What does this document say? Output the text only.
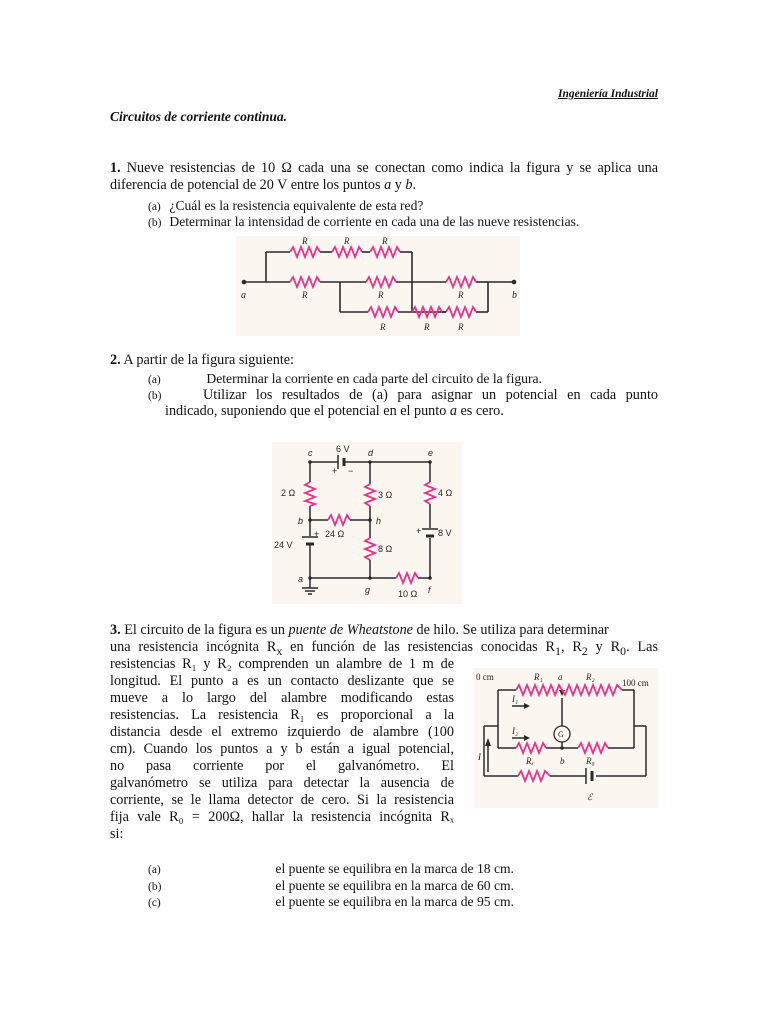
Ingeniería Industrial
Circuitos de corriente continua.
1. Nueve resistencias de 10 Ω cada una se conectan como indica la figura y se aplica una diferencia de potencial de 20 V entre los puntos a y b.
(a) ¿Cuál es la resistencia equivalente de esta red?
(b) Determinar la intensidad de corriente en cada una de las nueve resistencias.
R	R	R
R	R	R
R	R	R
a	b
2. A partir de la figura siguiente:
(a)	Determinar la corriente en cada parte del circuito de la figura.
(b)	Utilizar los resultados de (a) para asignar un potencial en cada punto
indicado, suponiendo que el potencial en el punto a es cero.
c	d	e
6 V
+ −
2 Ω	3 Ω	4 Ω
b	h
24 Ω
+	+ 8 V
24 V	8 Ω
a
g	f
10 Ω
3. El circuito de la figura es un puente de Wheatstone de hilo. Se utiliza para determinar
una resistencia incógnita $R_x$ en función de las resistencias conocidas $R_1$, $R_2$ y $R_0$. Las
resistencias R₁ y R₂ comprenden un alambre de 1 m de
longitud. El punto a es un contacto deslizante que se
mueve a lo largo del alambre modificando estas
resistencias. La resistencia R₁ es proporcional a la
distancia desde el extremo izquierdo de alambre (100
cm). Cuando los puntos a y b están a igual potencial,
no pasa corriente por el galvanómetro. El
galvanómetro se utiliza para detectar la ausencia de
corriente, se le llama detector de cero. Si la resistencia
fija vale R₀ = 200Ω, hallar la resistencia incógnita Rₓ
si:
0 cm
100 cm
R₁ a	R₂
G
I₁
I₂
I	Rₓ	b R₀
ℰ
(a)	el puente se equilibra en la marca de 18 cm.
(b)	el puente se equilibra en la marca de 60 cm.
(c)	el puente se equilibra en la marca de 95 cm.
